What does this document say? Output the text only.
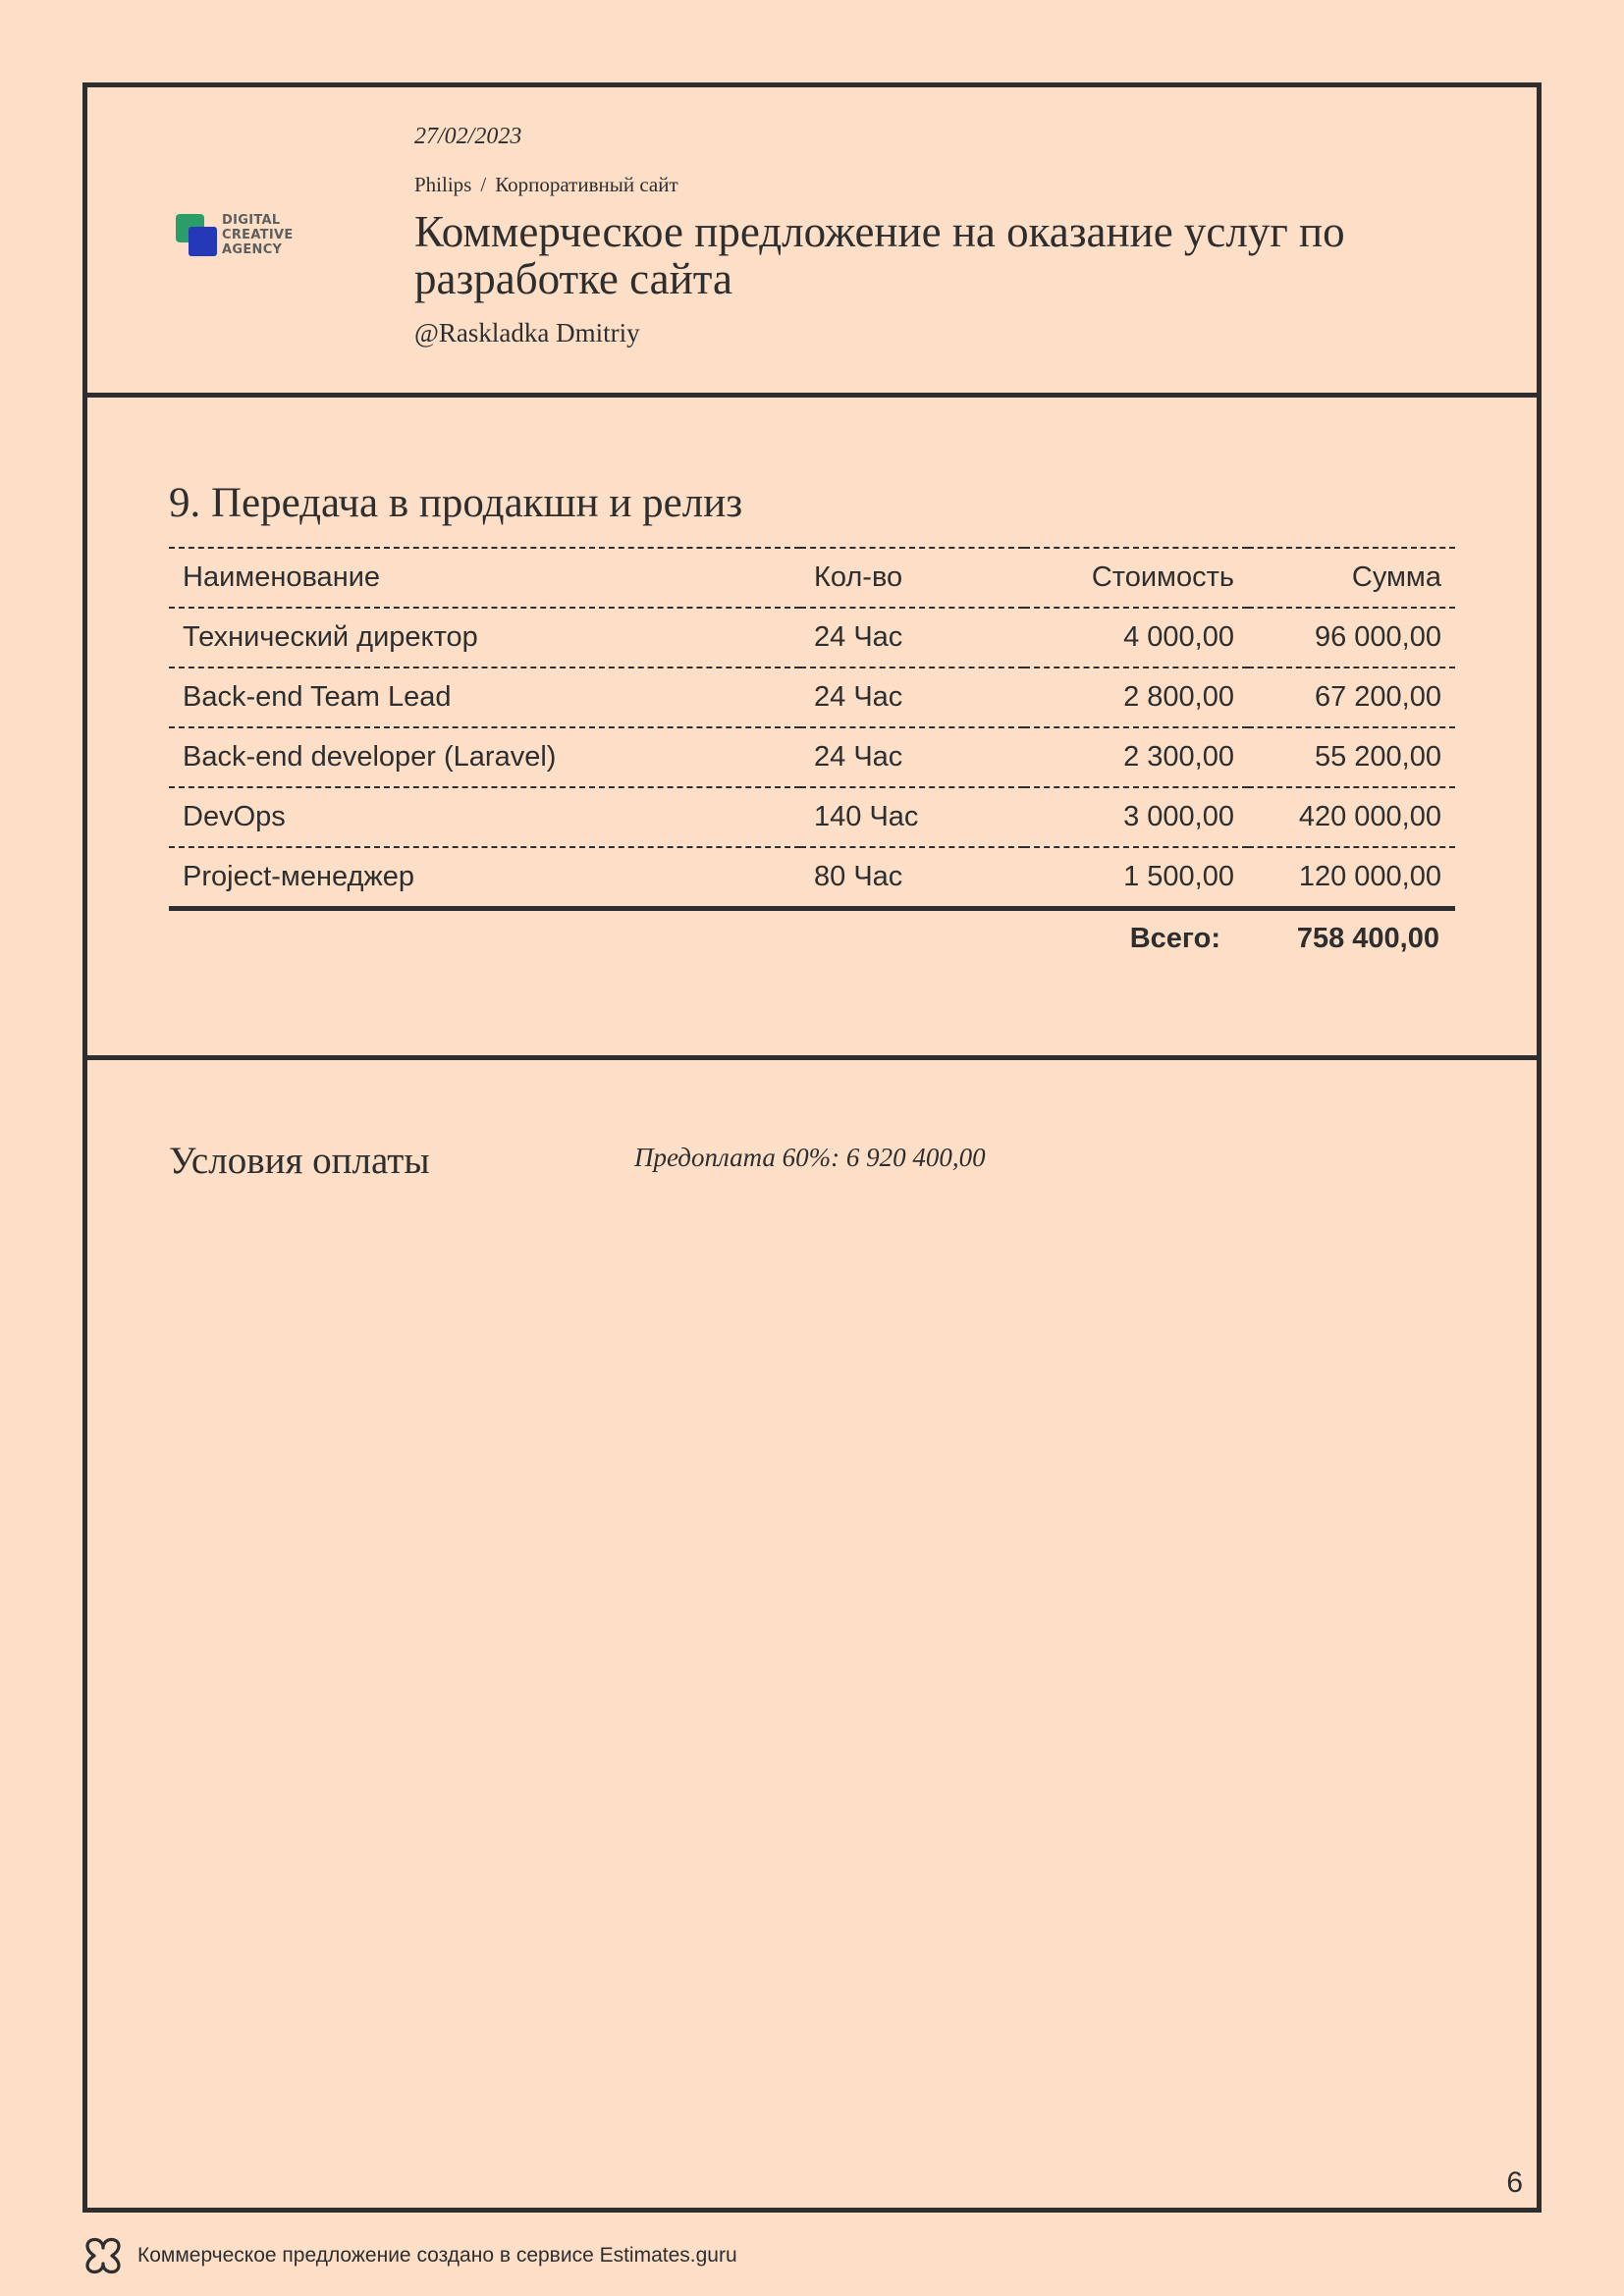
DIGITAL
CREATIVE
AGENCY
27/02/2023
Philips / Корпоративный сайт
Коммерческое предложение на оказание услуг по разработке сайта
@Raskladka Dmitriy
9. Передача в продакшн и релиз
Наименование	Кол-во	Стоимость	Сумма
Технический директор	24 Час	4 000,00	96 000,00
Back-end Team Lead	24 Час	2 800,00	67 200,00
Back-end developer (Laravel)	24 Час	2 300,00	55 200,00
DevOps	140 Час	3 000,00	420 000,00
Project-менеджер	80 Час	1 500,00	120 000,00
Всего:	758 400,00
Условия оплаты	Предоплата 60%: 6 920 400,00
6
Коммерческое предложение создано в сервисе Estimates.guru
